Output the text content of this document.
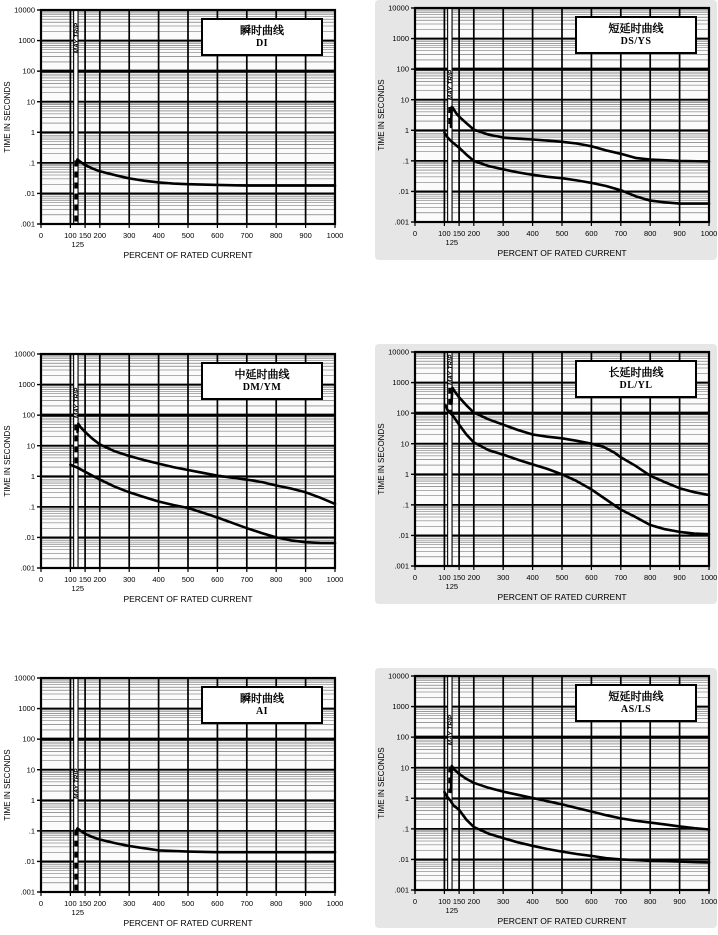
MAY TRIP
0	100 150 200 300 400 500 600 700 800 900 1000
125
10000
1000
100
10
1
.1
.01
.001
PERCENT OF RATED CURRENT
TIME IN SECONDS
瞬时曲线
DI
MAY TRIP
0	100 150 200 300 400 500 600 700 800 900 1000
125
10000
1000
100
10
1
.1
.01
.001
PERCENT OF RATED CURRENT
TIME IN SECONDS
短延时曲线
DS/YS
MAY TRIP
0	100 150 200 300 400 500 600 700 800 900 1000
125
10000
1000
100
10
1
.1
.01
.001
PERCENT OF RATED CURRENT
TIME IN SECONDS
中延时曲线
DM/YM
MAY TRIP
0	100 150 200 300 400 500 600 700 800 900 1000
125
10000
1000
100
10
1
.1
.01
.001
PERCENT OF RATED CURRENT
TIME IN SECONDS
长延时曲线
DL/YL
MAY TRIP
0	100 150 200 300 400 500 600 700 800 900 1000
125
10000
1000
100
10
1
.1
.01
.001
PERCENT OF RATED CURRENT
TIME IN SECONDS
瞬时曲线
AI
MAY TRIP
0	100 150 200 300 400 500 600 700 800 900 1000
125
10000
1000
100
10
1
.1
.01
.001
PERCENT OF RATED CURRENT
TIME IN SECONDS
短延时曲线
AS/LS
